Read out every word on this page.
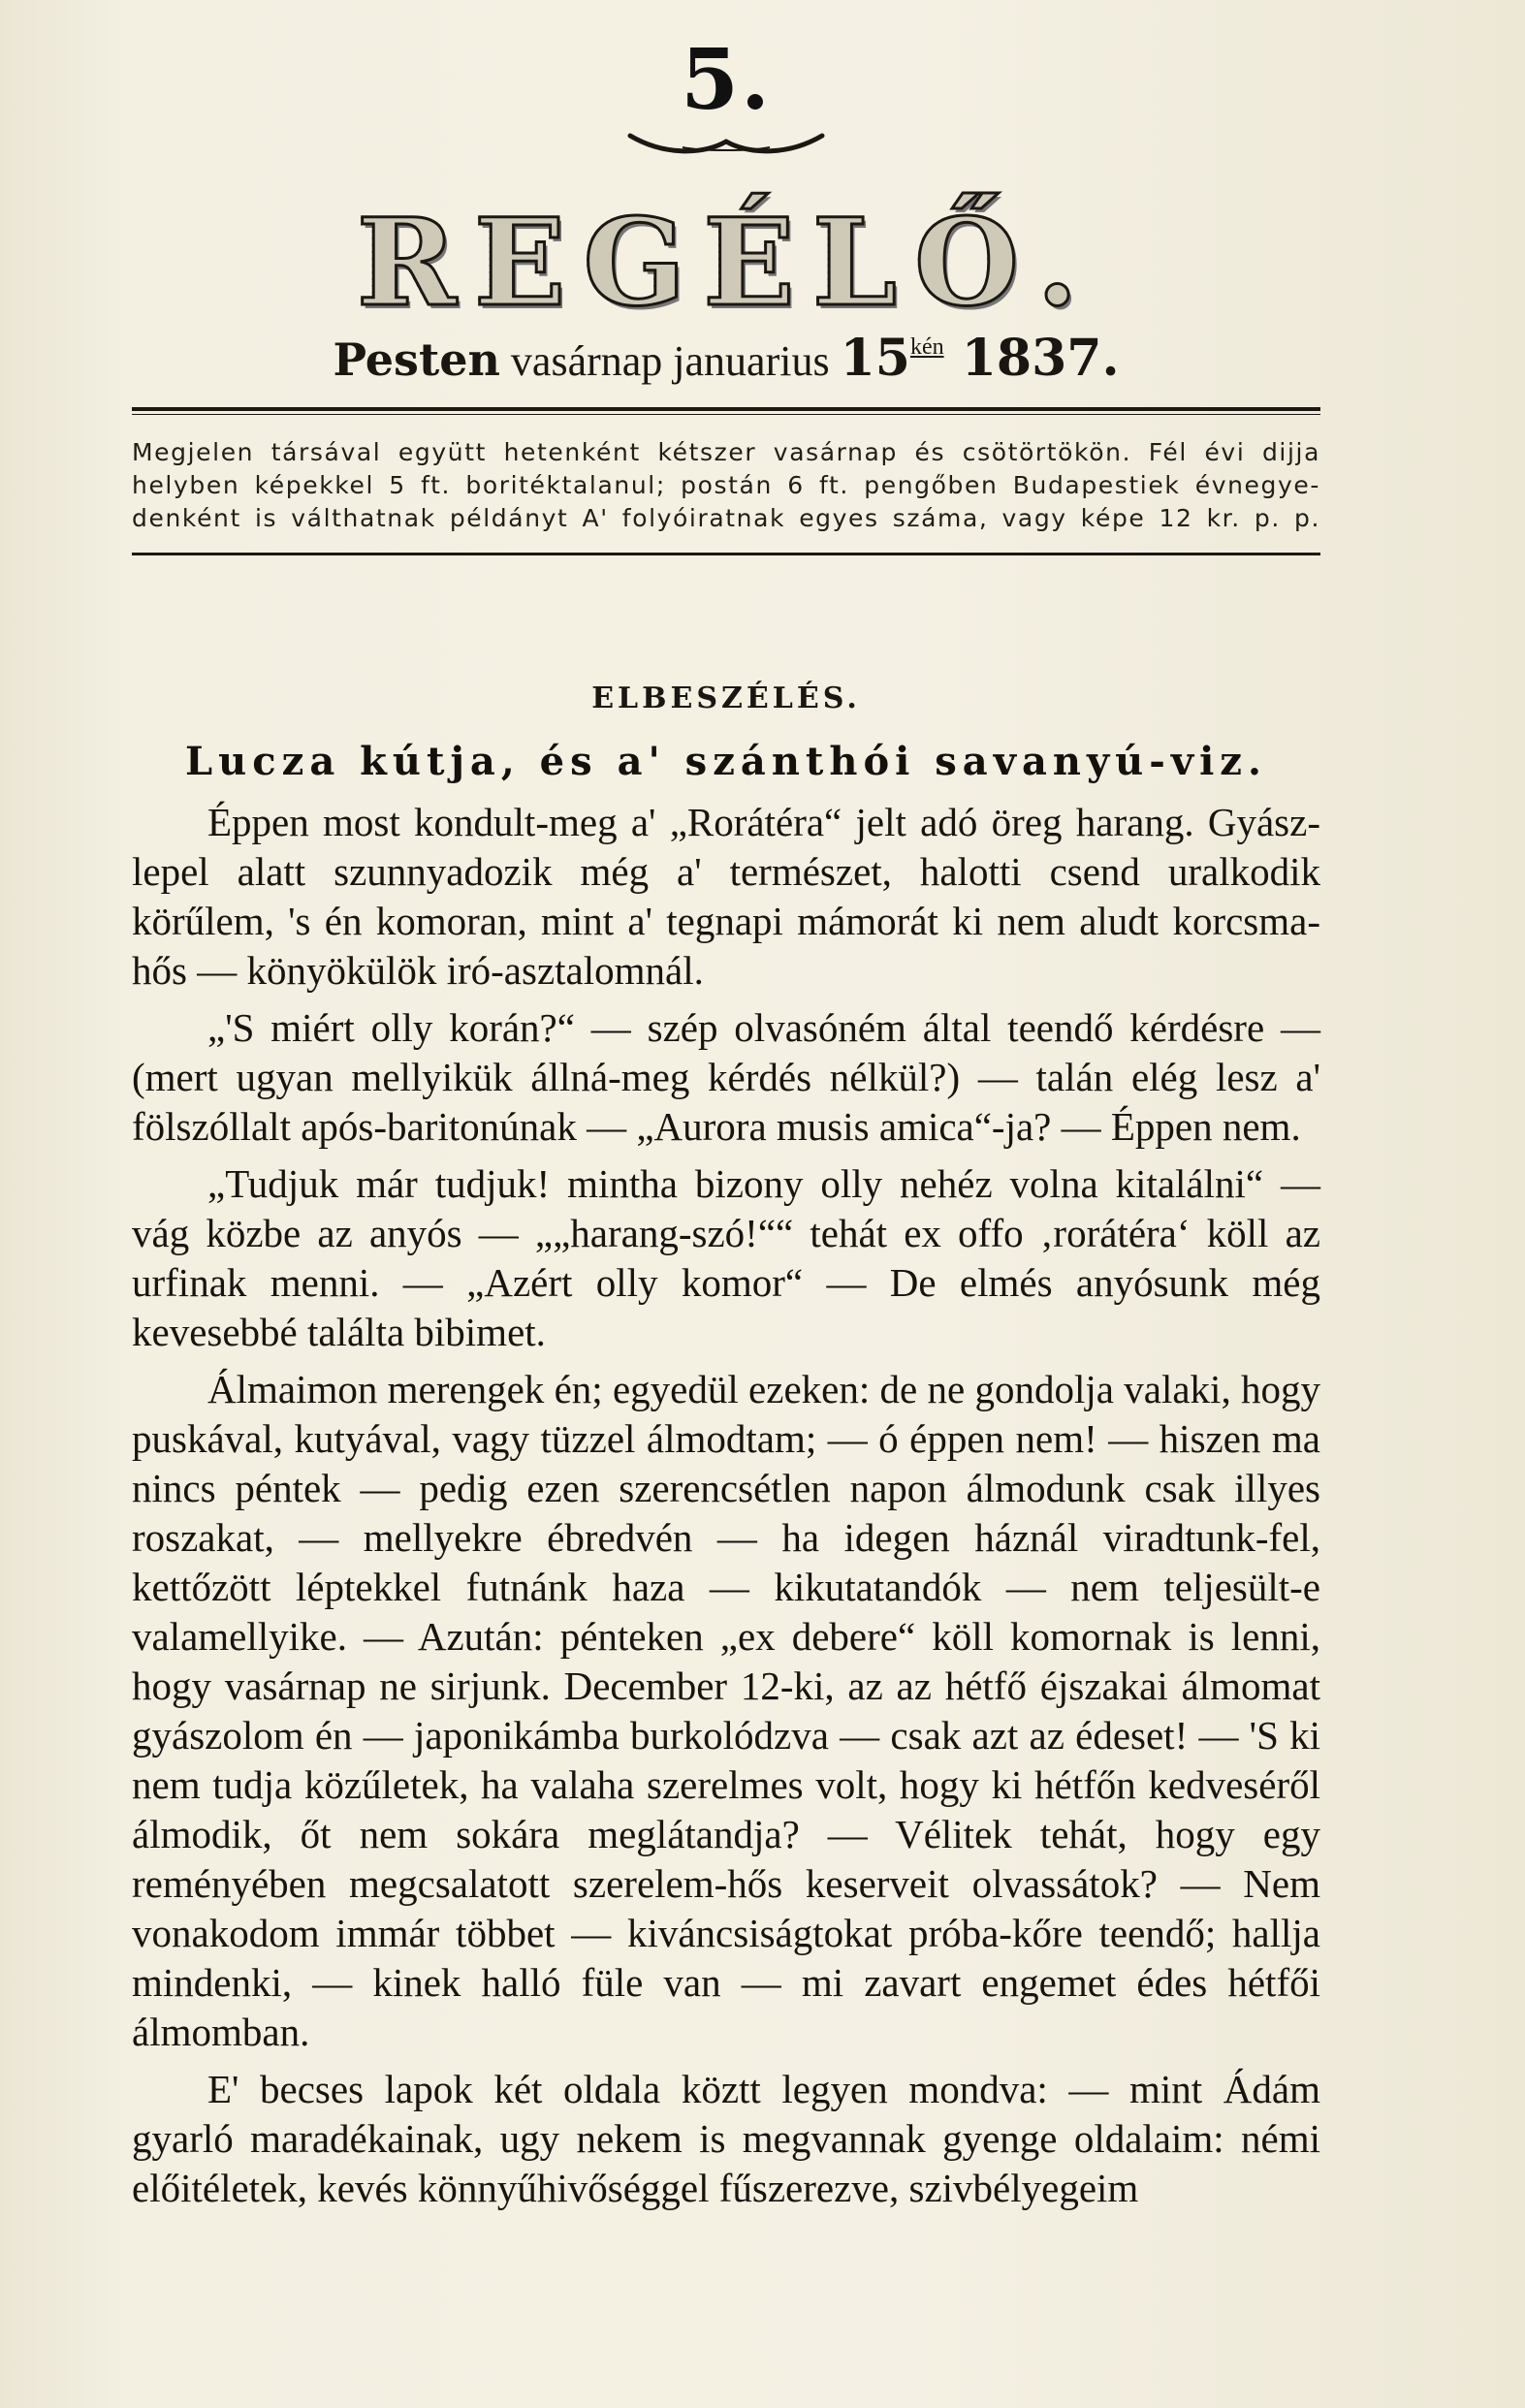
5.
REGÉLŐ.
Pesten vasárnap januarius $15^{kén}$ 1837.
Megjelen társával együtt hetenként kétszer vasárnap és csötörtökön. Fél évi dijja
helyben képekkel 5 ft. boritéktalanul; postán 6 ft. pengőben Budapestiek évnegye-
denként is válthatnak példányt A' folyóiratnak egyes száma, vagy képe 12 kr. p. p.
ELBESZÉLÉS.
Lucza kútja, és a' szánthói savanyú-viz.

Éppen most kondult-meg a' „Rorátéra“ jelt adó öreg harang. Gyász-lepel alatt szunnyadozik még a' természet, halotti csend uralkodik körűlem, 's én komoran, mint a' tegnapi mámorát ki nem aludt korcsma-hős — könyökülök iró-asztalomnál.

„'S miért olly korán?“ — szép olvasóném által teendő kérdésre — (mert ugyan mellyikük állná-meg kérdés nélkül?) — talán elég lesz a' fölszóllalt após-baritonúnak — „Aurora musis amica“-ja? — Éppen nem.

„Tudjuk már tudjuk! mintha bizony olly nehéz volna kitalálni“ — vág közbe az anyós — „„harang-szó!““ tehát ex offo ‚rorátéra‘ köll az urfinak menni. — „Azért olly komor“ — De elmés anyósunk még kevesebbé találta bibimet.

Álmaimon merengek én; egyedül ezeken: de ne gondolja valaki, hogy puskával, kutyával, vagy tüzzel álmodtam; — ó éppen nem! — hiszen ma nincs péntek — pedig ezen szerencsétlen napon álmodunk csak illyes roszakat, — mellyekre ébredvén — ha idegen háznál viradtunk-fel, kettőzött léptekkel futnánk haza — kikutatandók — nem teljesült-e valamellyike. — Azután: pénteken „ex debere“ köll komornak is lenni, hogy vasárnap ne sirjunk. December 12-ki, az az hétfő éjszakai álmomat gyászolom én — japonikámba burkolódzva — csak azt az édeset! — 'S ki nem tudja közűletek, ha valaha szerelmes volt, hogy ki hétfőn kedveséről álmodik, őt nem sokára meglátandja? — Vélitek tehát, hogy egy reményében megcsalatott szerelem-hős keserveit olvassátok? — Nem vonakodom immár többet — kiváncsiságtokat próba-kőre teendő; hallja mindenki, — kinek halló füle van — mi zavart engemet édes hétfői álmomban.

E' becses lapok két oldala köztt legyen mondva: — mint Ádám gyarló maradékainak, ugy nekem is megvannak gyenge oldalaim: némi előitéletek, kevés könnyűhivőséggel fűszerezve, szivbélyegeim
